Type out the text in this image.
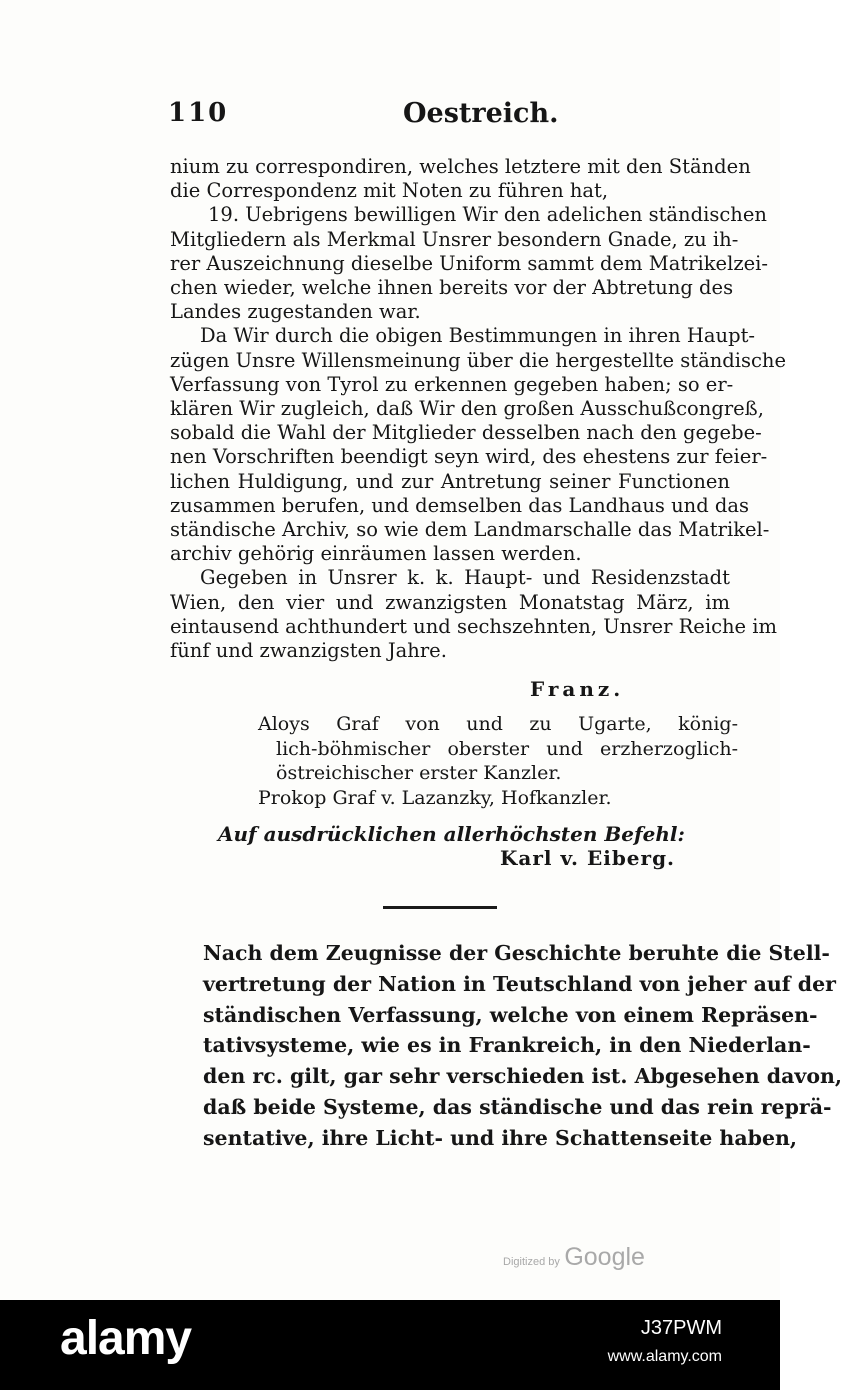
110	Oestreich.
nium zu correspondiren, welches letztere mit den Ständen
die Correspondenz mit Noten zu führen hat,
19. Uebrigens bewilligen Wir den adelichen ständischen
Mitgliedern als Merkmal Unsrer besondern Gnade, zu ih-
rer Auszeichnung dieselbe Uniform sammt dem Matrikelzei-
chen wieder, welche ihnen bereits vor der Abtretung des
Landes zugestanden war.
Da Wir durch die obigen Bestimmungen in ihren Haupt-
zügen Unsre Willensmeinung über die hergestellte ständische
Verfassung von Tyrol zu erkennen gegeben haben; so er-
klären Wir zugleich, daß Wir den großen Ausschußcongreß,
sobald die Wahl der Mitglieder desselben nach den gegebe-
nen Vorschriften beendigt seyn wird, des ehestens zur feier-
lichen Huldigung, und zur Antretung seiner Functionen
zusammen berufen, und demselben das Landhaus und das
ständische Archiv, so wie dem Landmarschalle das Matrikel-
archiv gehörig einräumen lassen werden.
Gegeben in Unsrer k. k. Haupt- und Residenzstadt
Wien, den vier und zwanzigsten Monatstag März, im
eintausend achthundert und sechszehnten, Unsrer Reiche im
fünf und zwanzigsten Jahre.
Franz.
Aloys Graf von und zu Ugarte, könig-
lich-böhmischer oberster und erzherzoglich-
östreichischer erster Kanzler.
Prokop Graf v. Lazanzky, Hofkanzler.
Auf ausdrücklichen allerhöchsten Befehl:
Karl v. Eiberg.
Nach dem Zeugnisse der Geschichte beruhte die Stell-
vertretung der Nation in Teutschland von jeher auf der
ständischen Verfassung, welche von einem Repräsen-
tativsysteme, wie es in Frankreich, in den Niederlan-
den rc. gilt, gar sehr verschieden ist. Abgesehen davon,
daß beide Systeme, das ständische und das rein reprä-
sentative, ihre Licht- und ihre Schattenseite haben,
Digitized by Google
alamy	J37PWM
www.alamy.com
